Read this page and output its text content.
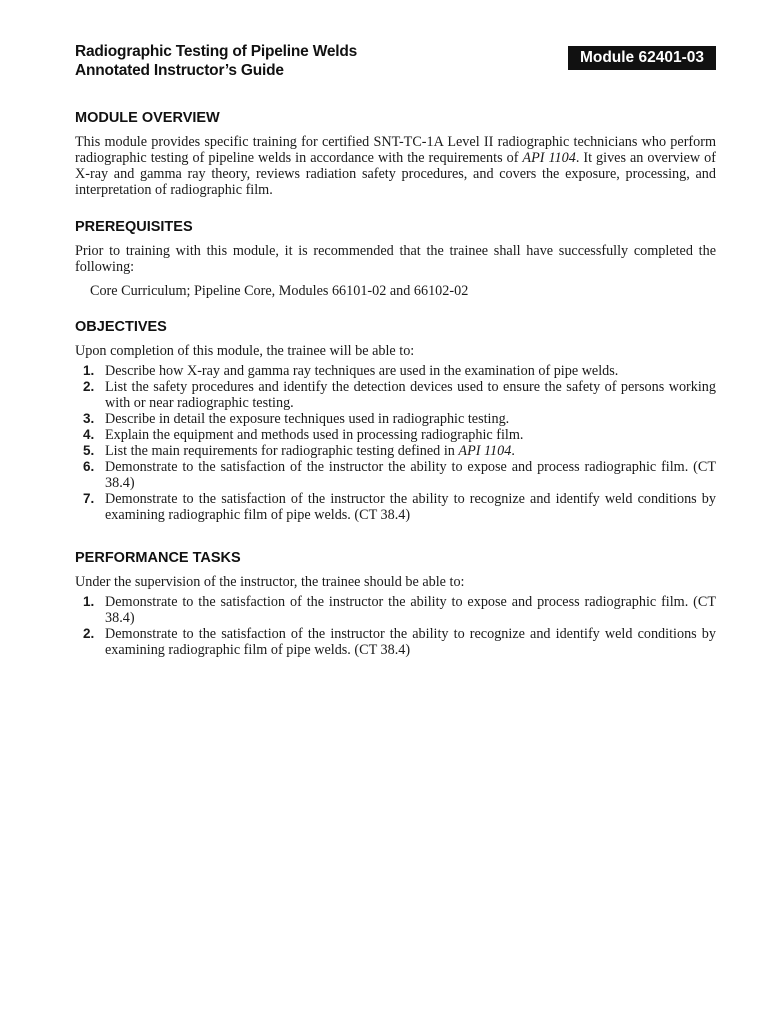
Radiographic Testing of Pipeline Welds
Annotated Instructor’s Guide
Module 62401-03
MODULE OVERVIEW

This module provides specific training for certified SNT-TC-1A Level II radiographic technicians who perform radiographic testing of pipeline welds in accordance with the requirements of API 1104. It gives an overview of X-ray and gamma ray theory, reviews radiation safety procedures, and covers the exposure, processing, and interpretation of radiographic film.

PREREQUISITES

Prior to training with this module, it is recommended that the trainee shall have successfully completed the following:

Core Curriculum; Pipeline Core, Modules 66101-02 and 66102-02

OBJECTIVES

Upon completion of this module, the trainee will be able to:

1. Describe how X-ray and gamma ray techniques are used in the examination of pipe welds.
2. List the safety procedures and identify the detection devices used to ensure the safety of persons working with or near radiographic testing.
3. Describe in detail the exposure techniques used in radiographic testing.
4. Explain the equipment and methods used in processing radiographic film.
5. List the main requirements for radiographic testing defined in API 1104.
6. Demonstrate to the satisfaction of the instructor the ability to expose and process radiographic film. (CT 38.4)
7. Demonstrate to the satisfaction of the instructor the ability to recognize and identify weld conditions by examining radiographic film of pipe welds. (CT 38.4)
PERFORMANCE TASKS

Under the supervision of the instructor, the trainee should be able to:

1. Demonstrate to the satisfaction of the instructor the ability to expose and process radiographic film. (CT 38.4)
2. Demonstrate to the satisfaction of the instructor the ability to recognize and identify weld conditions by examining radiographic film of pipe welds. (CT 38.4)
